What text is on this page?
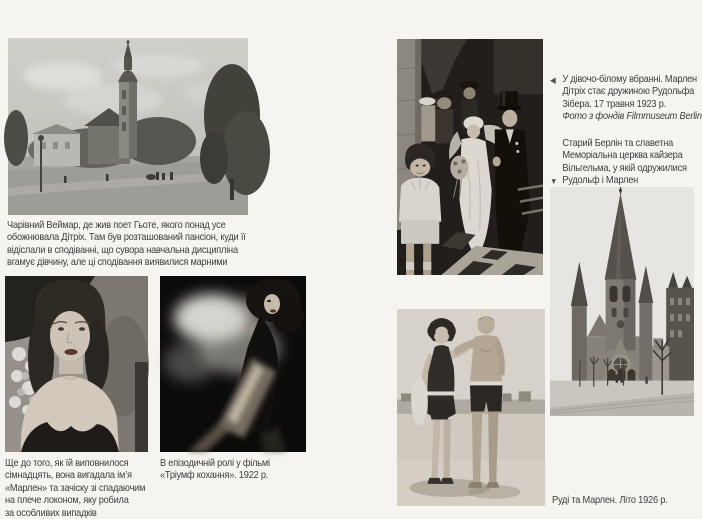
Чарівний Веймар, де жив поет Гьоте, якого понад усе
обожнювала Дітріх. Там був розташований пансіон, куди її
відіслали в сподіванні, що сувора навчальна дисципліна
вгамує дівчину, але ці сподівання виявилися марними
Ще до того, як їй виповнилося
сімнадцять, вона вигадала ім’я
«Марлен» та зачіску зі спадаючим
на плече локоном, яку робила
за особливих випадків
В епізодичній ролі у фільмі
«Тріумф кохання». 1922 р.
◀ У дівочо-білому вбранні. Марлен
Дітріх стає дружиною Рудольфа
Зібера. 17 травня 1923 р.
Фото з фондів Filmmuseum Berlin
Старий Берлін та славетна
Меморіальна церква кайзера
Вільгельма, у якій одружилися
▼ Рудольф і Марлен
Руді та Марлен. Літо 1926 р.
